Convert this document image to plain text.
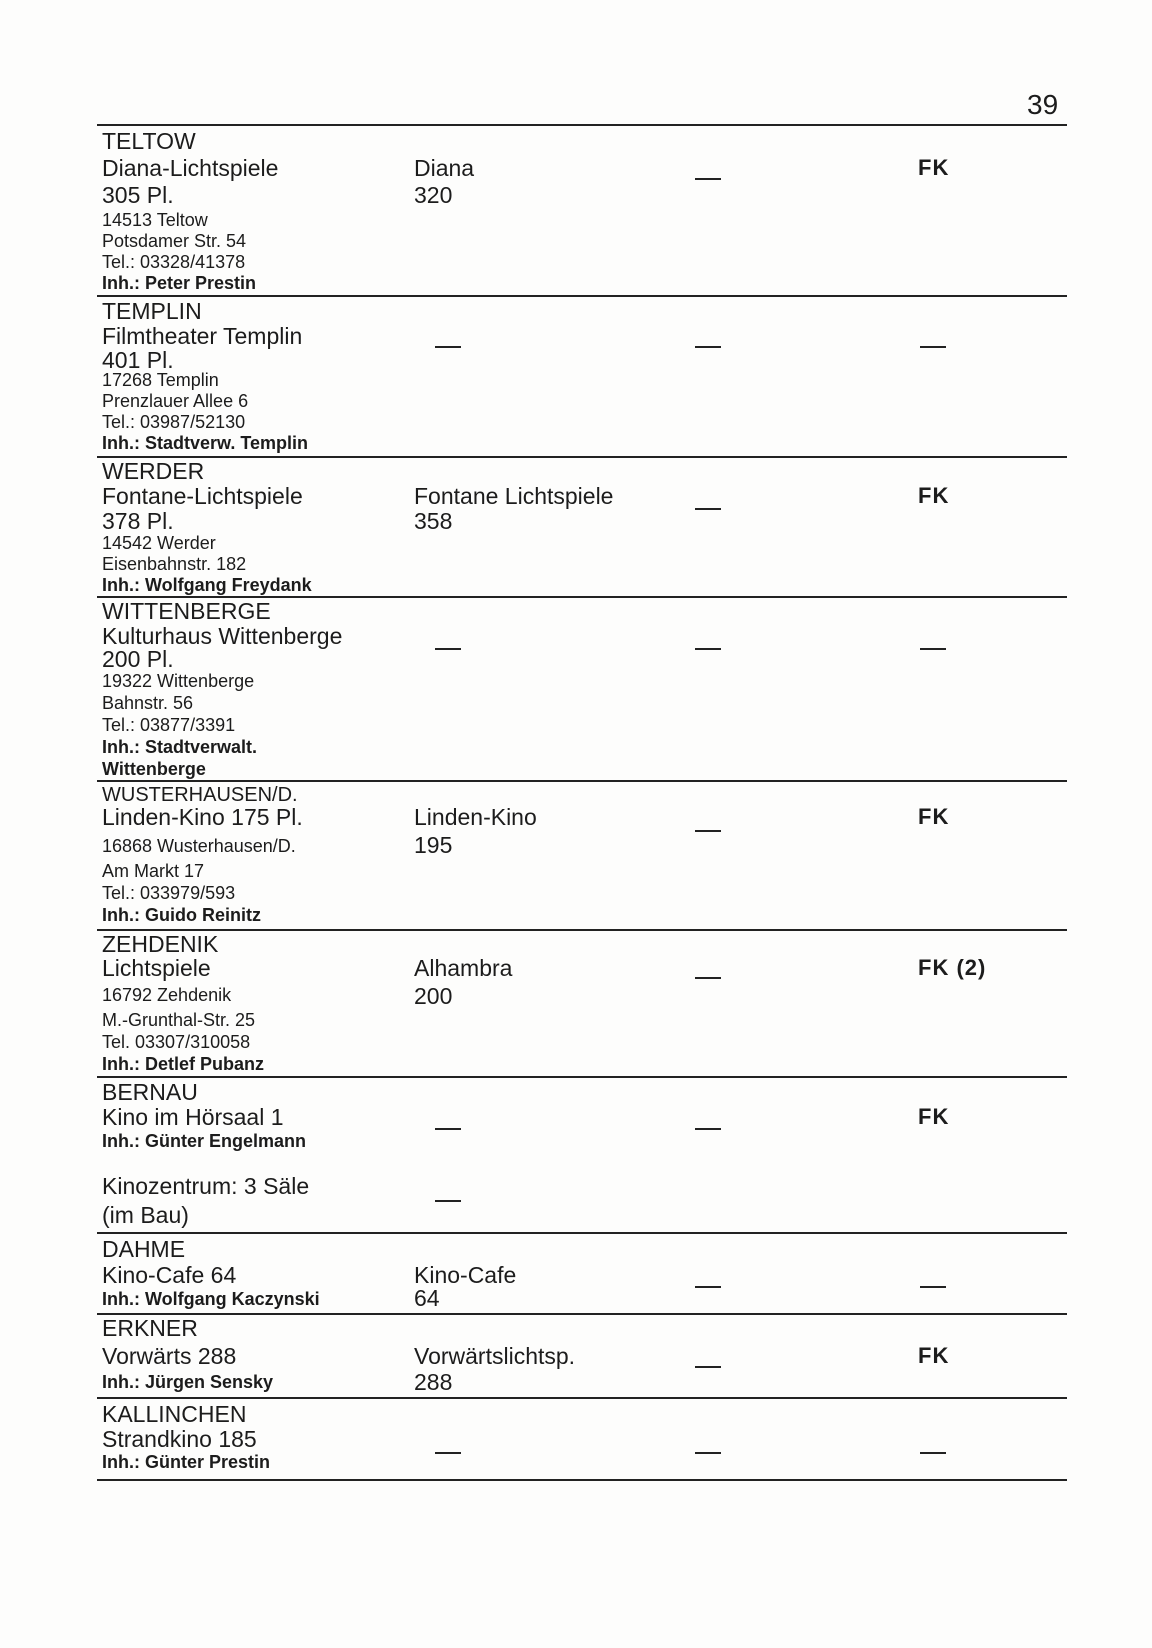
39
TELTOW
Diana-Lichtspiele
305 Pl.
14513 Teltow
Potsdamer Str. 54
Tel.: 03328/41378
Inh.: Peter Prestin
Diana
320
FK
TEMPLIN
Filmtheater Templin
401 Pl.
17268 Templin
Prenzlauer Allee 6
Tel.: 03987/52130
Inh.: Stadtverw. Templin
WERDER
Fontane-Lichtspiele
378 Pl.
14542 Werder
Eisenbahnstr. 182
Inh.: Wolfgang Freydank
Fontane Lichtspiele
358
FK
WITTENBERGE
Kulturhaus Wittenberge
200 Pl.
19322 Wittenberge
Bahnstr. 56
Tel.: 03877/3391
Inh.: Stadtverwalt.
Wittenberge
WUSTERHAUSEN/D.
Linden-Kino 175 Pl.
16868 Wusterhausen/D.
Am Markt 17
Tel.: 033979/593
Inh.: Guido Reinitz
Linden-Kino
195
FK
ZEHDENIK
Lichtspiele
16792 Zehdenik
M.-Grunthal-Str. 25
Tel. 03307/310058
Inh.: Detlef Pubanz
Alhambra
200
FK (2)
BERNAU
Kino im Hörsaal 1
Inh.: Günter Engelmann
Kinozentrum: 3 Säle
(im Bau)
FK
DAHME
Kino-Cafe 64
Inh.: Wolfgang Kaczynski
Kino-Cafe
64
ERKNER
Vorwärts 288
Inh.: Jürgen Sensky
Vorwärtslichtsp.
288
FK
KALLINCHEN
Strandkino 185
Inh.: Günter Prestin
